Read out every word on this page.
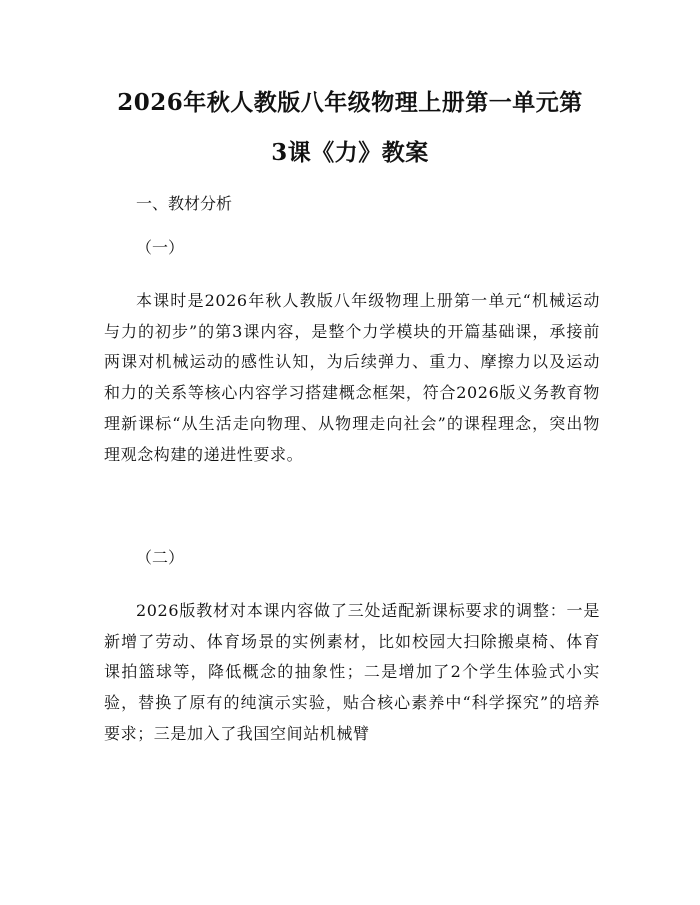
2026年秋人教版八年级物理上册第一单元第
3课《力》教案
一、教材分析
（一）
本课时是2026年秋人教版八年级物理上册第一单元“机械运动与力的初步”的第3课内容，是整个力学模块的开篇基础课，承接前两课对机械运动的感性认知，为后续弹力、重力、摩擦力以及运动和力的关系等核心内容学习搭建概念框架，符合2026版义务教育物理新课标“从生活走向物理、从物理走向社会”的课程理念，突出物理观念构建的递进性要求。
（二）
2026版教材对本课内容做了三处适配新课标要求的调整：一是新增了劳动、体育场景的实例素材，比如校园大扫除搬桌椅、体育课拍篮球等，降低概念的抽象性；二是增加了2个学生体验式小实验，替换了原有的纯演示实验，贴合核心素养中“科学探究”的培养要求；三是加入了我国空间站机械臂
